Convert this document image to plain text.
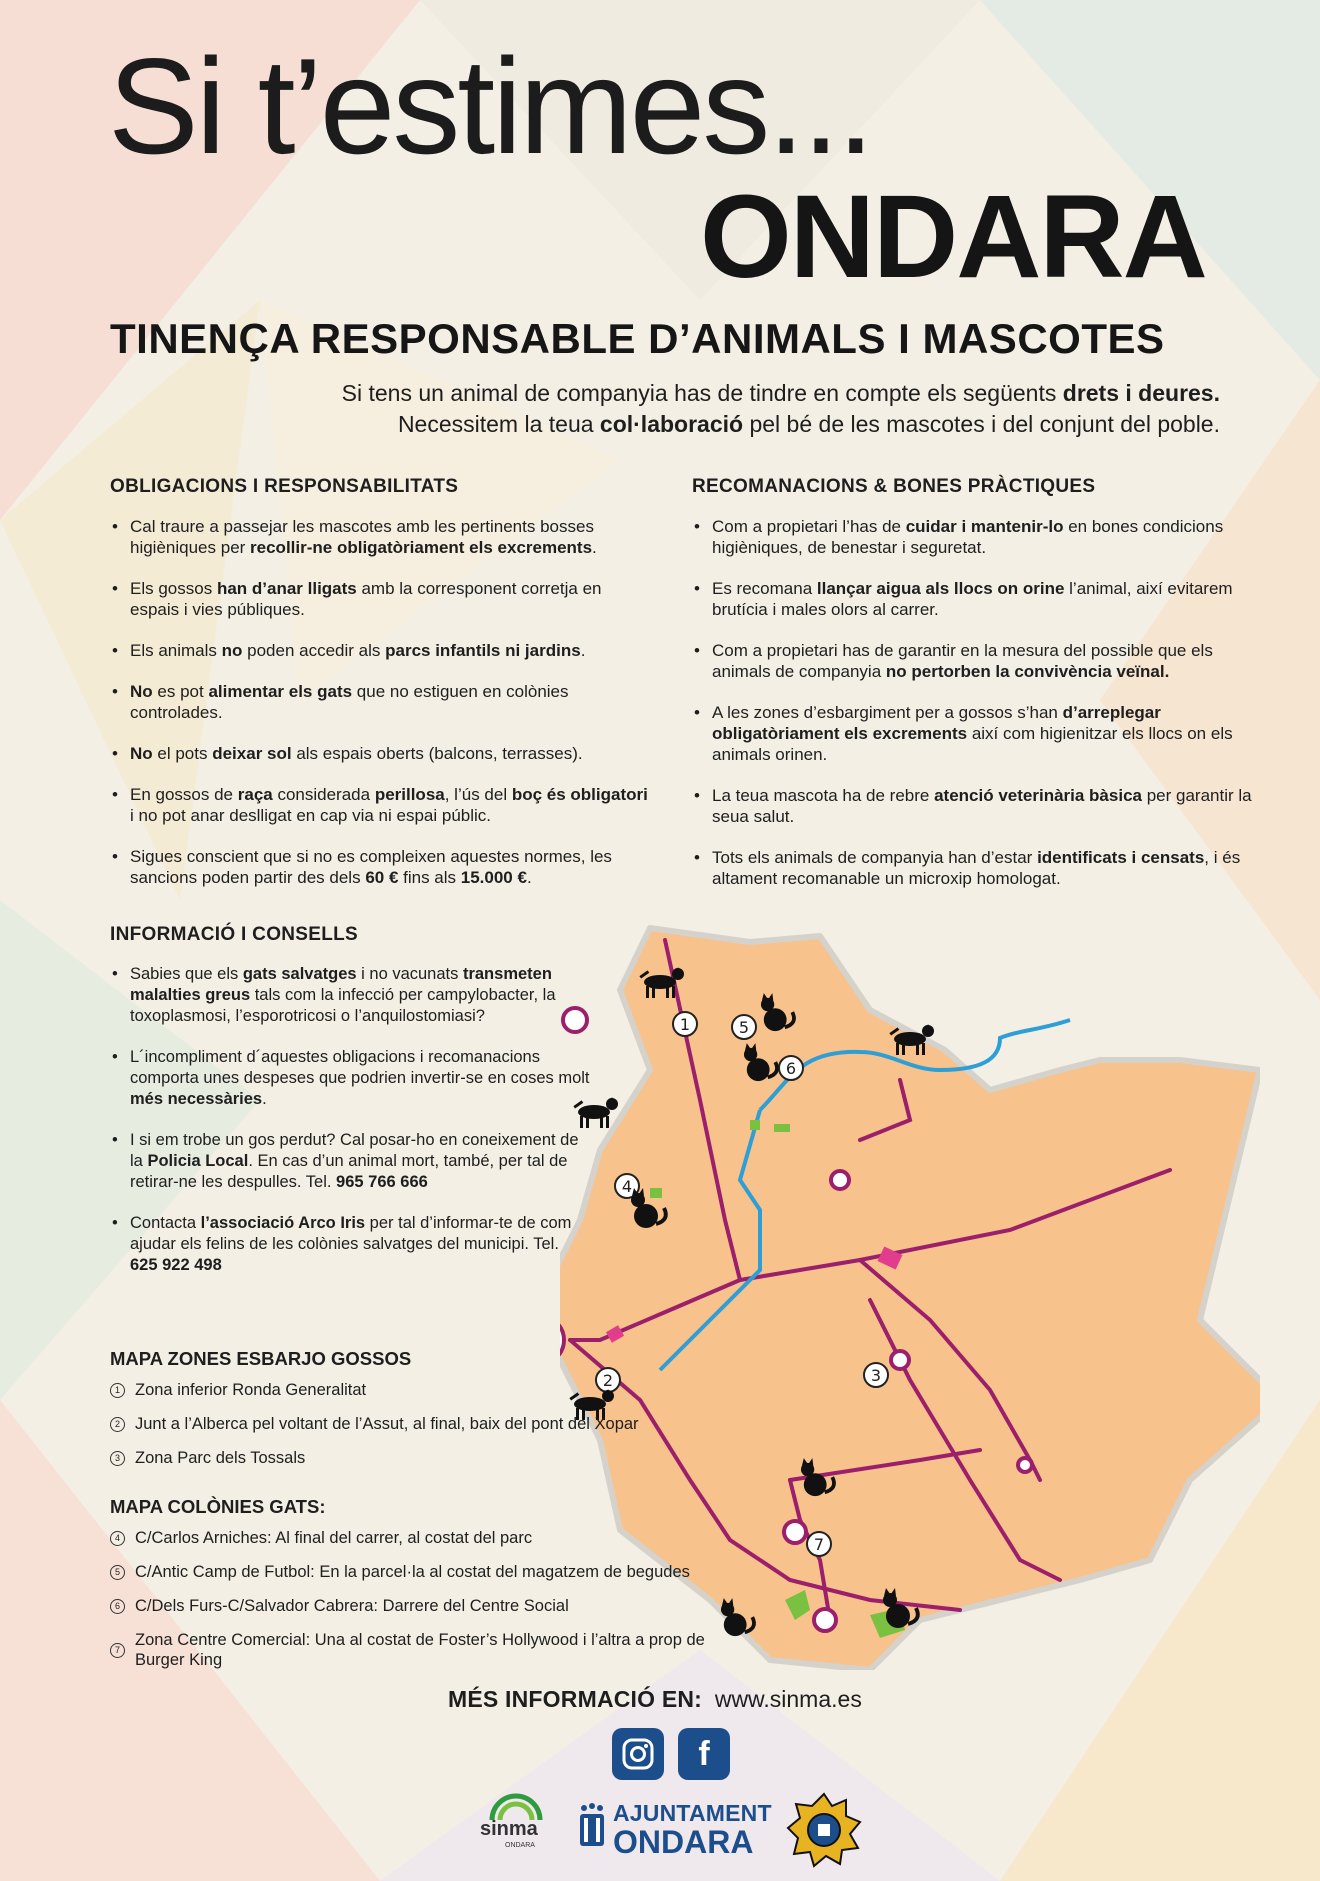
Si t’estimes...
ONDARA
TINENÇA RESPONSABLE D’ANIMALS I MASCOTES
Si tens un animal de companyia has de tindre en compte els següents drets i deures.
Necessitem la teua col·laboració pel bé de les mascotes i del conjunt del poble.
OBLIGACIONS I RESPONSABILITATS
• Cal traure a passejar les mascotes amb les pertinents bosses higièniques per recollir-ne obligatòriament els excrements.
• Els gossos han d’anar lligats amb la corresponent corretja en espais i vies públiques.
• Els animals no poden accedir als parcs infantils ni jardins.
• No es pot alimentar els gats que no estiguen en colònies controlades.
• No el pots deixar sol als espais oberts (balcons, terrasses).
• En gossos de raça considerada perillosa, l’ús del boç és obligatori i no pot anar deslligat en cap via ni espai públic.
• Sigues conscient que si no es compleixen aquestes normes, les sancions poden partir des dels 60 € fins als 15.000 €.
RECOMANACIONS & BONES PRÀCTIQUES
• Com a propietari l’has de cuidar i mantenir-lo en bones condicions higièniques, de benestar i seguretat.
• Es recomana llançar aigua als llocs on orine l’animal, així evitarem brutícia i males olors al carrer.
• Com a propietari has de garantir en la mesura del possible que els animals de companyia no pertorben la convivència veïnal.
• A les zones d’esbargiment per a gossos s’han d’arreplegar obligatòriament els excrements així com higienitzar els llocs on els animals orinen.
• La teua mascota ha de rebre atenció veterinària bàsica per garantir la seua salut.
• Tots els animals de companyia han d’estar identificats i censats, i és altament recomanable un microxip homologat.
INFORMACIÓ I CONSELLS
• Sabies que els gats salvatges i no vacunats transmeten malalties greus tals com la infecció per campylobacter, la toxoplasmosi, l’esporotricosi o l’anquilostomiasi?
• L´incompliment d´aquestes obligacions i recomanacions comporta unes despeses que podrien invertir-se en coses molt més necessàries.
• I si em trobe un gos perdut? Cal posar-ho en coneixement de la Policia Local. En cas d’un animal mort, també, per tal de retirar-ne les despulles. Tel. 965 766 666
• Contacta l’associació Arco Iris per tal d’informar-te de com ajudar els felins de les colònies salvatges del municipi. Tel. 625 922 498
1
2	3
4
5
6
7
MAPA ZONES ESBARJO GOSSOS
1 Zona inferior Ronda Generalitat
2 Junt a l’Alberca pel voltant de l’Assut, al final, baix del pont del Xopar
3 Zona Parc dels Tossals
MAPA COLÒNIES GATS:
4 C/Carlos Arniches: Al final del carrer, al costat del parc
5 C/Antic Camp de Futbol: En la parcel·la al costat del magatzem de begudes
6 C/Dels Furs-C/Salvador Cabrera: Darrere del Centre Social
7
Zona Centre Comercial: Una al costat de Foster’s Hollywood i l’altra a prop de Burger King
MÉS INFORMACIÓ EN: www.sinma.es
f
sinma
ONDARA
AJUNTAMENT
ONDARA
